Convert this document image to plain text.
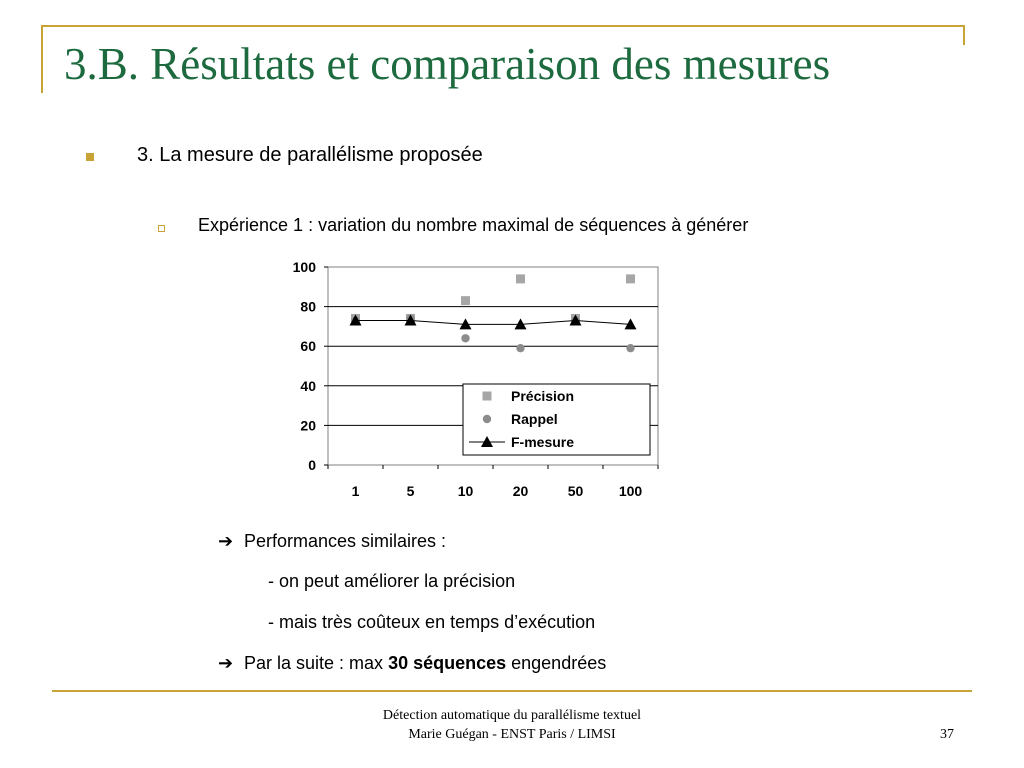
3.B. Résultats et comparaison des mesures
3. La mesure de parallélisme proposée
Expérience 1 : variation du nombre maximal de séquences à générer
0
20
40
60
80
100
1	5	10	20	50	100
Précision
Rappel
F-mesure
➔ Performances similaires :
- on peut améliorer la précision
- mais très coûteux en temps d’exécution
➔ Par la suite : max 30 séquences engendrées
Détection automatique du parallélisme textuel
Marie Guégan - ENST Paris / LIMSI	37
